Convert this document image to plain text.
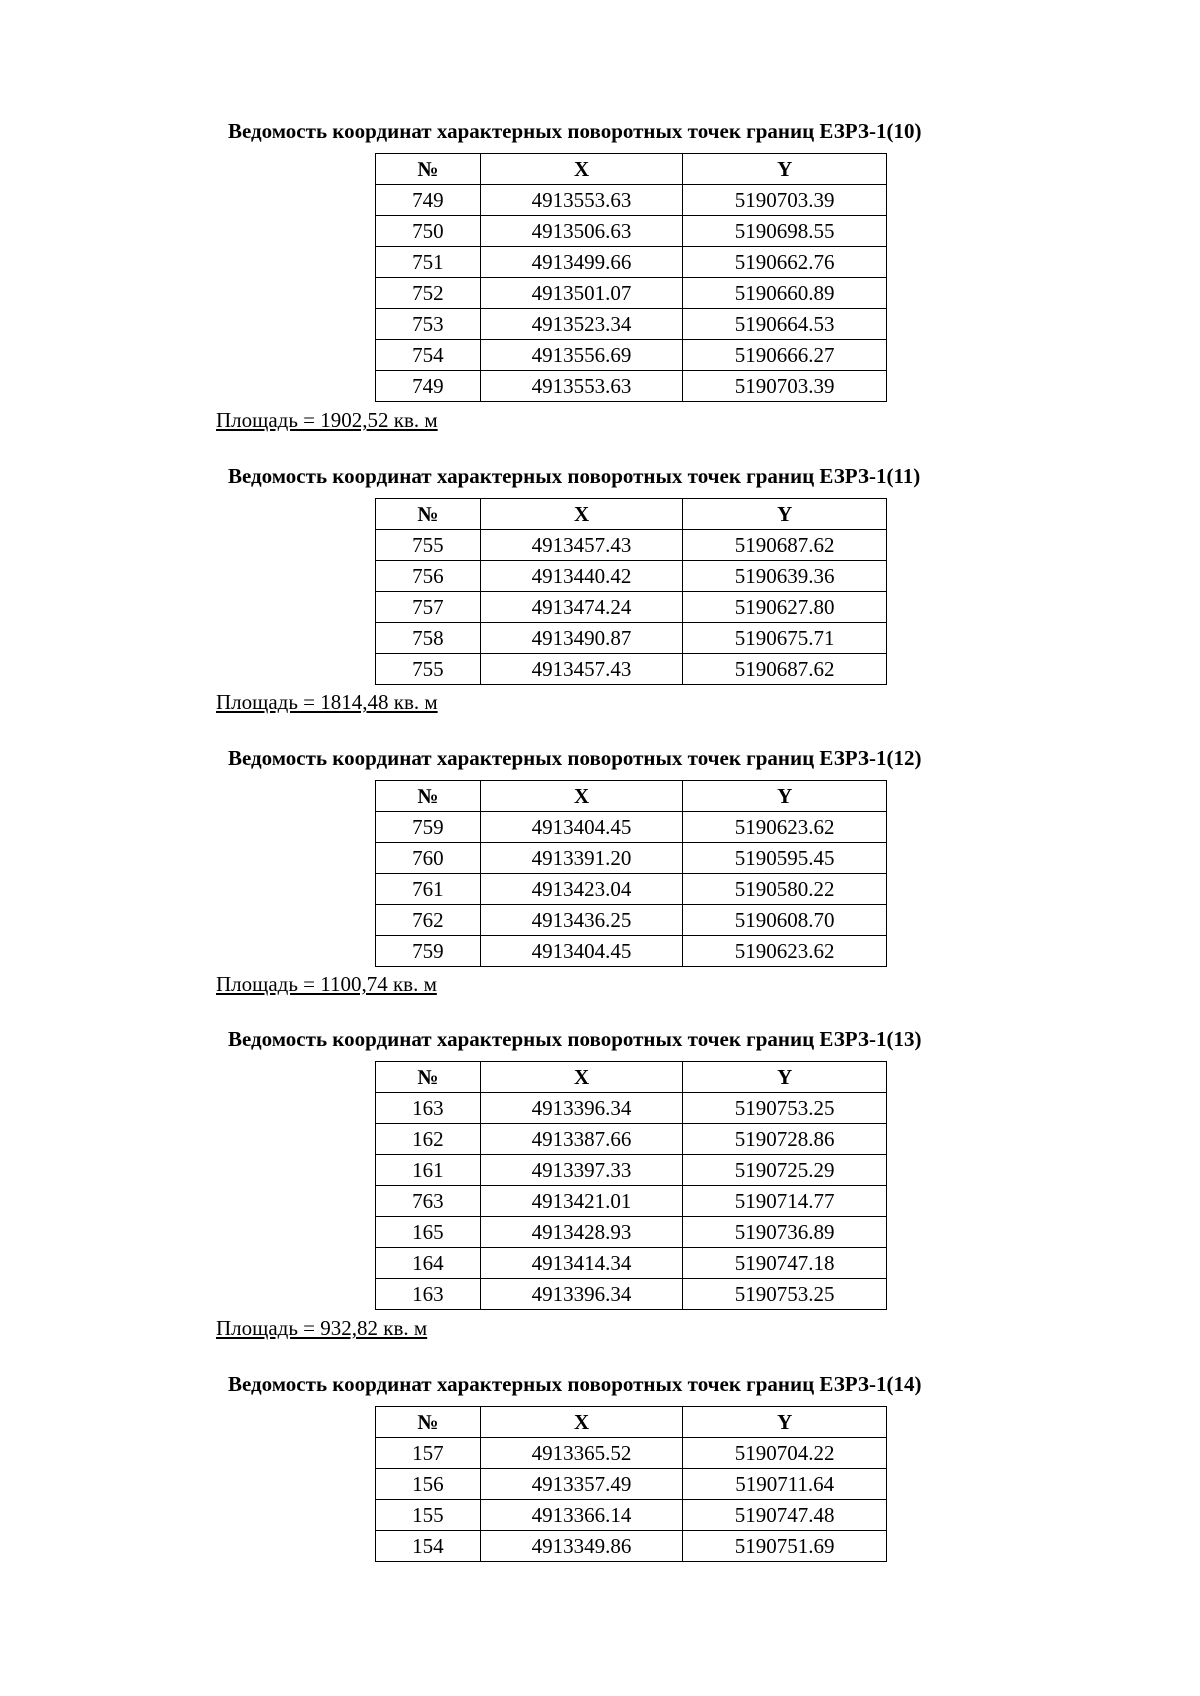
Ведомость координат характерных поворотных точек границ ЕЗРЗ-1(10)
№	X	Y
749	4913553.63	5190703.39
750	4913506.63	5190698.55
751	4913499.66	5190662.76
752	4913501.07	5190660.89
753	4913523.34	5190664.53
754	4913556.69	5190666.27
749	4913553.63	5190703.39
Площадь = 1902,52 кв. м
Ведомость координат характерных поворотных точек границ ЕЗРЗ-1(11)
№	X	Y
755	4913457.43	5190687.62
756	4913440.42	5190639.36
757	4913474.24	5190627.80
758	4913490.87	5190675.71
755	4913457.43	5190687.62
Площадь = 1814,48 кв. м
Ведомость координат характерных поворотных точек границ ЕЗРЗ-1(12)
№	X	Y
759	4913404.45	5190623.62
760	4913391.20	5190595.45
761	4913423.04	5190580.22
762	4913436.25	5190608.70
759	4913404.45	5190623.62
Площадь = 1100,74 кв. м
Ведомость координат характерных поворотных точек границ ЕЗРЗ-1(13)
№	X	Y
163	4913396.34	5190753.25
162	4913387.66	5190728.86
161	4913397.33	5190725.29
763	4913421.01	5190714.77
165	4913428.93	5190736.89
164	4913414.34	5190747.18
163	4913396.34	5190753.25
Площадь = 932,82 кв. м
Ведомость координат характерных поворотных точек границ ЕЗРЗ-1(14)
№	X	Y
157	4913365.52	5190704.22
156	4913357.49	5190711.64
155	4913366.14	5190747.48
154	4913349.86	5190751.69
